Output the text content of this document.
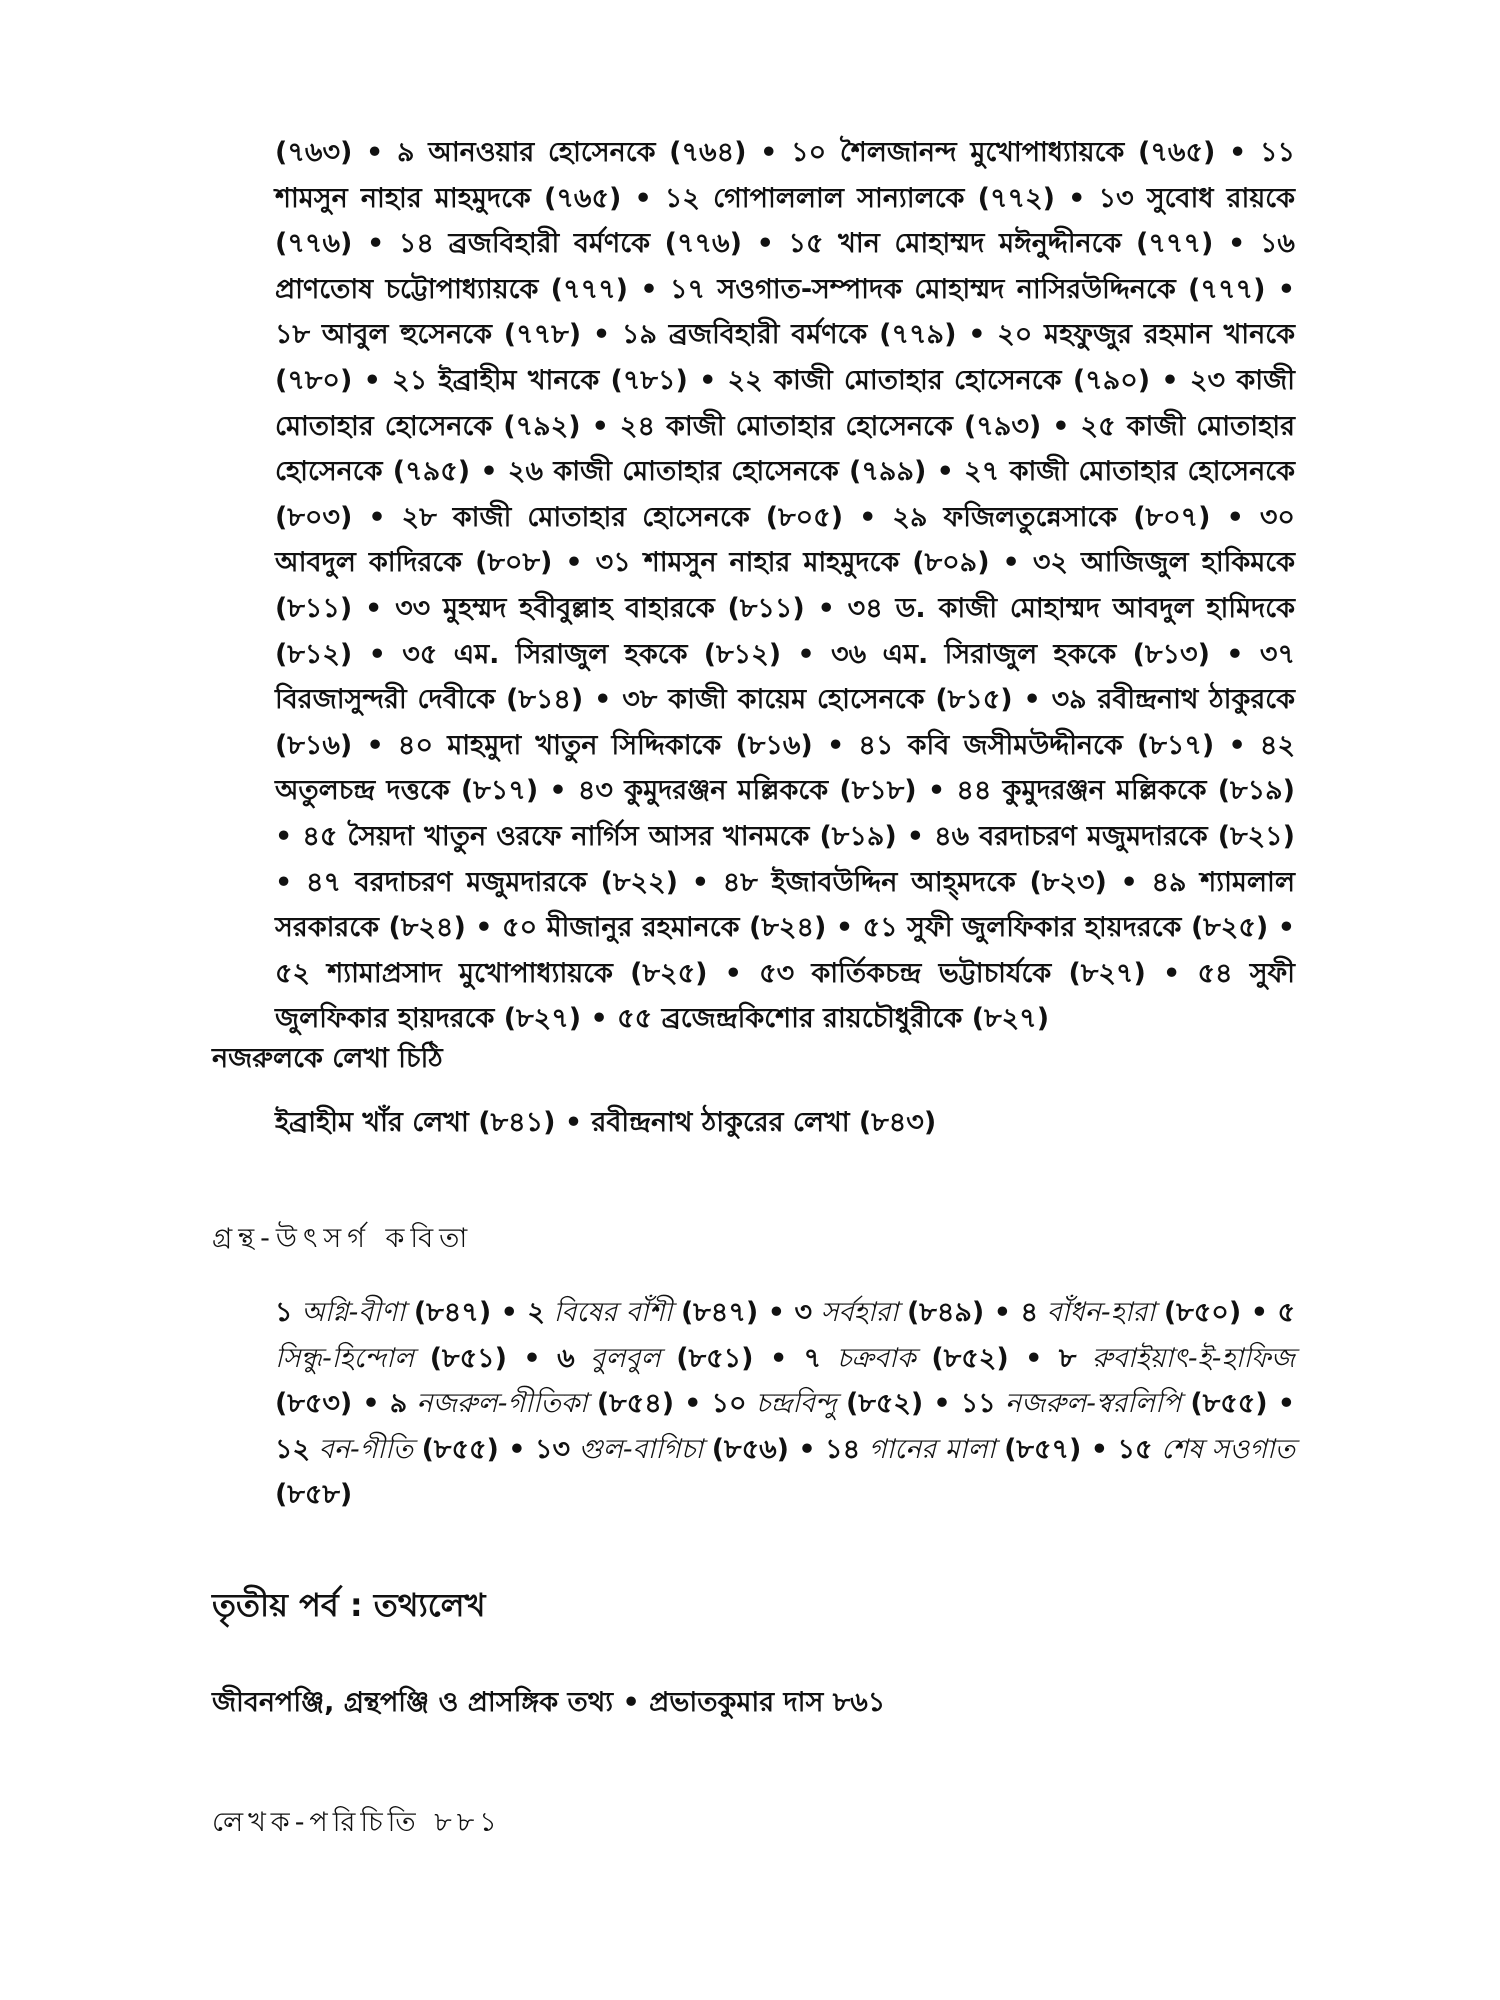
(৭৬৩) • ৯ আনওয়ার হোসেনকে (৭৬৪) • ১০ শৈলজানন্দ মুখোপাধ্যায়কে (৭৬৫) • ১১ শামসুন নাহার মাহমুদকে (৭৬৫) • ১২ গোপাললাল সান্যালকে (৭৭২) • ১৩ সুবোধ রায়কে (৭৭৬) • ১৪ ব্রজবিহারী বর্মণকে (৭৭৬) • ১৫ খান মোহাম্মদ মঈনুদ্দীনকে (৭৭৭) • ১৬ প্রাণতোষ চট্টোপাধ্যায়কে (৭৭৭) • ১৭ সওগাত-সম্পাদক মোহাম্মদ নাসিরউদ্দিনকে (৭৭৭) • ১৮ আবুল হুসেনকে (৭৭৮) • ১৯ ব্রজবিহারী বর্মণকে (৭৭৯) • ২০ মহফুজুর রহমান খানকে (৭৮০) • ২১ ইব্রাহীম খানকে (৭৮১) • ২২ কাজী মোতাহার হোসেনকে (৭৯০) • ২৩ কাজী মোতাহার হোসেনকে (৭৯২) • ২৪ কাজী মোতাহার হোসেনকে (৭৯৩) • ২৫ কাজী মোতাহার হোসেনকে (৭৯৫) • ২৬ কাজী মোতাহার হোসেনকে (৭৯৯) • ২৭ কাজী মোতাহার হোসেনকে (৮০৩) • ২৮ কাজী মোতাহার হোসেনকে (৮০৫) • ২৯ ফজিলতুন্নেসাকে (৮০৭) • ৩০ আবদুল কাদিরকে (৮০৮) • ৩১ শামসুন নাহার মাহমুদকে (৮০৯) • ৩২ আজিজুল হাকিমকে (৮১১) • ৩৩ মুহম্মদ হবীবুল্লাহ বাহারকে (৮১১) • ৩৪ ড. কাজী মোহাম্মদ আবদুল হামিদকে (৮১২) • ৩৫ এম. সিরাজুল হককে (৮১২) • ৩৬ এম. সিরাজুল হককে (৮১৩) • ৩৭ বিরজাসুন্দরী দেবীকে (৮১৪) • ৩৮ কাজী কায়েম হোসেনকে (৮১৫) • ৩৯ রবীন্দ্রনাথ ঠাকুরকে (৮১৬) • ৪০ মাহমুদা খাতুন সিদ্দিকাকে (৮১৬) • ৪১ কবি জসীমউদ্দীনকে (৮১৭) • ৪২ অতুলচন্দ্র দত্তকে (৮১৭) • ৪৩ কুমুদরঞ্জন মল্লিককে (৮১৮) • ৪৪ কুমুদরঞ্জন মল্লিককে (৮১৯) • ৪৫ সৈয়দা খাতুন ওরফে নার্গিস আসর খানমকে (৮১৯) • ৪৬ বরদাচরণ মজুমদারকে (৮২১) • ৪৭ বরদাচরণ মজুমদারকে (৮২২) • ৪৮ ইজাবউদ্দিন আহ্‌মদকে (৮২৩) • ৪৯ শ্যামলাল সরকারকে (৮২৪) • ৫০ মীজানুর রহমানকে (৮২৪) • ৫১ সুফী জুলফিকার হায়দরকে (৮২৫) • ৫২ শ্যামাপ্রসাদ মুখোপাধ্যায়কে (৮২৫) • ৫৩ কার্তিকচন্দ্র ভট্টাচার্যকে (৮২৭) • ৫৪ সুফী জুলফিকার হায়দরকে (৮২৭) • ৫৫ ব্রজেন্দ্রকিশোর রায়চৌধুরীকে (৮২৭)
নজরুলকে লেখা চিঠি
ইব্রাহীম খাঁর লেখা (৮৪১) • রবীন্দ্রনাথ ঠাকুরের লেখা (৮৪৩)
গ্রন্থ-উৎসর্গ কবিতা
১ অগ্নি-বীণা (৮৪৭) • ২ বিষের বাঁশী (৮৪৭) • ৩ সর্বহারা (৮৪৯) • ৪ বাঁধন-হারা (৮৫০) • ৫ সিন্ধু-হিন্দোল (৮৫১) • ৬ বুলবুল (৮৫১) • ৭ চক্রবাক (৮৫২) • ৮ রুবাইয়াৎ-ই-হাফিজ (৮৫৩) • ৯ নজরুল-গীতিকা (৮৫৪) • ১০ চন্দ্রবিন্দু (৮৫২) • ১১ নজরুল-স্বরলিপি (৮৫৫) • ১২ বন-গীতি (৮৫৫) • ১৩ গুল-বাগিচা (৮৫৬) • ১৪ গানের মালা (৮৫৭) • ১৫ শেষ সওগাত (৮৫৮)
তৃতীয় পর্ব : তথ্যলেখ
জীবনপঞ্জি, গ্রন্থপঞ্জি ও প্রাসঙ্গিক তথ্য • প্রভাতকুমার দাস ৮৬১
লেখক-পরিচিতি ৮৮১
